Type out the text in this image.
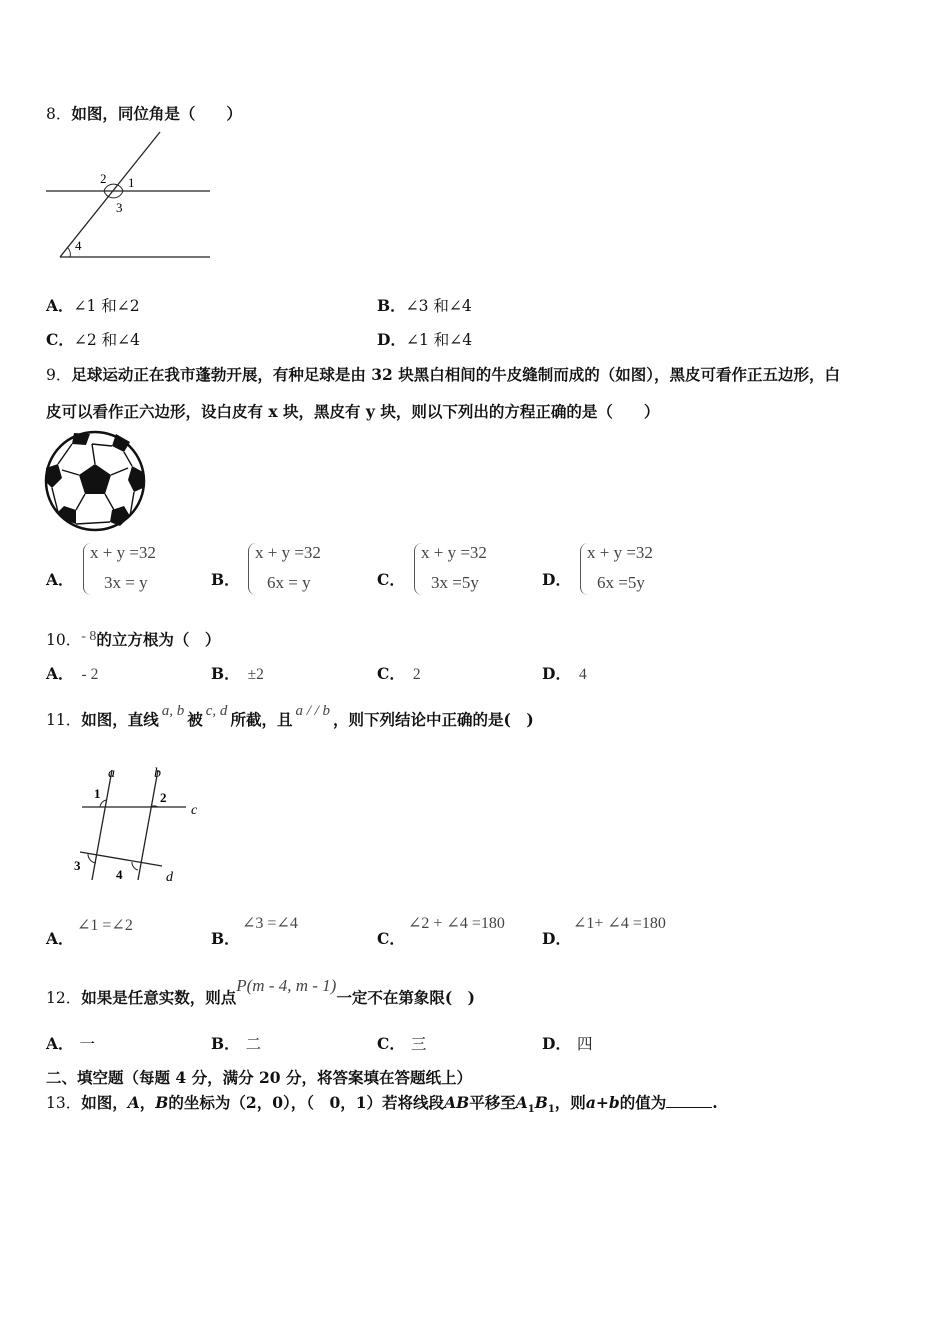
8．如图，同位角是（　　）
2 1
3
4
A．∠1 和∠2	B．∠3 和∠4
C．∠2 和∠4	D．∠1 和∠4
9．足球运动正在我市蓬勃开展，有种足球是由 32 块黑白相间的牛皮缝制而成的（如图），黑皮可看作正五边形，白
皮可以看作正六边形，设白皮有 x 块，黑皮有 y 块，则以下列出的方程正确的是（　　）
A．
x + y =32
3x = y	B．
x + y =32
6x = y	C．
x + y =32
3x =5y	D．
x + y =32
6x =5y
10．- 8的立方根为（　）
A． - 2	B． ±2	C． 2	D． 4
11．如图，直线 a, b 被 c, d 所截，且 a / / b ，则下列结论中正确的是(　)
a	b
1	2
c
3
4	d
A．
∠1 =∠2
B．
∠3 =∠4
C．
∠2 + ∠4 =180
D．
∠1+ ∠4 =180
12．如果是任意实数，则点P(m - 4, m - 1)一定不在第象限(　)
A． 一	B． 二	C． 三	D． 四
二、填空题（每题 4 分，满分 20 分，将答案填在答题纸上）
13．如图，A，B的坐标为（2，0），（　0，1）若将线段AB平移至$A_1B_1$，则a+b的值为	.
